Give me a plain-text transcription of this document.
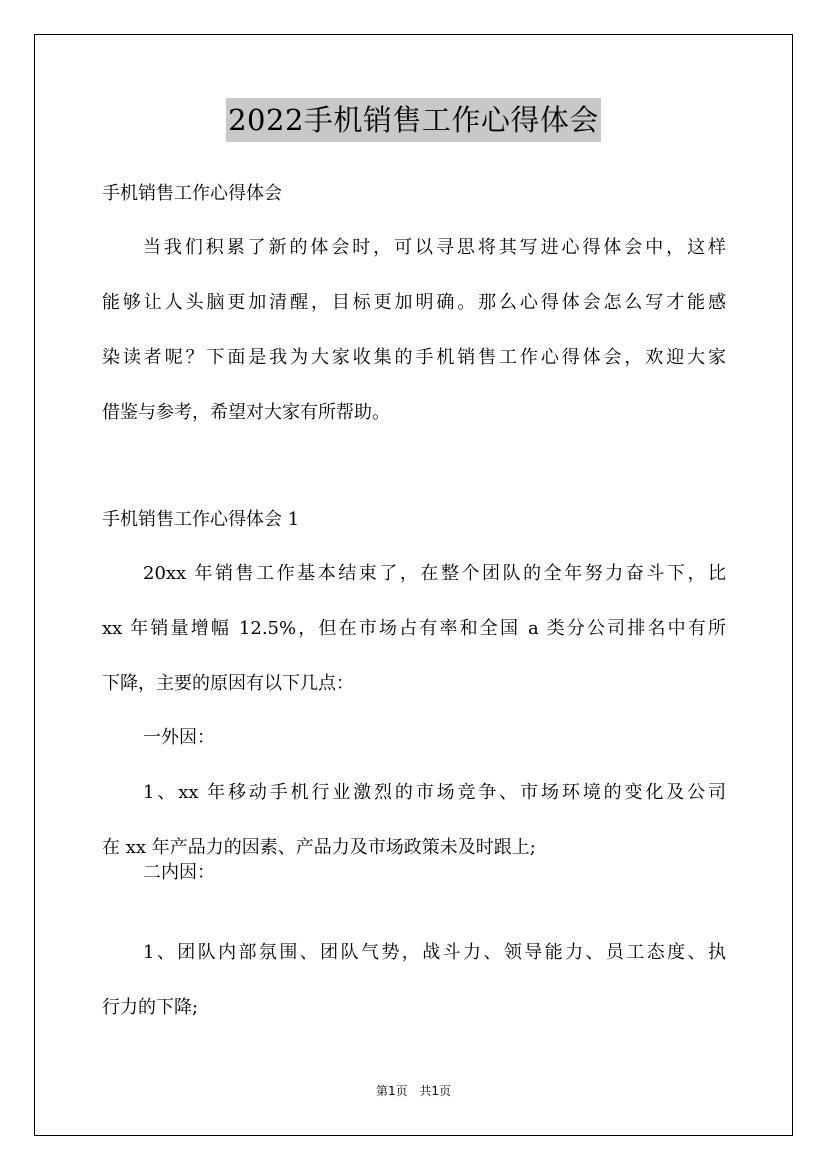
2022手机销售工作心得体会
手机销售工作心得体会
当我们积累了新的体会时，可以寻思将其写进心得体会中，这样
能够让人头脑更加清醒，目标更加明确。那么心得体会怎么写才能感
染读者呢？下面是我为大家收集的手机销售工作心得体会，欢迎大家
借鉴与参考，希望对大家有所帮助。
手机销售工作心得体会 1
20xx 年销售工作基本结束了，在整个团队的全年努力奋斗下，比
xx 年销量增幅 12.5%，但在市场占有率和全国 a 类分公司排名中有所
下降，主要的原因有以下几点：
一外因：
1、xx 年移动手机行业激烈的市场竞争、市场环境的变化及公司
在 xx 年产品力的因素、产品力及市场政策未及时跟上;
二内因：
1、团队内部氛围、团队气势，战斗力、领导能力、员工态度、执
行力的下降;
第1页 共1页
